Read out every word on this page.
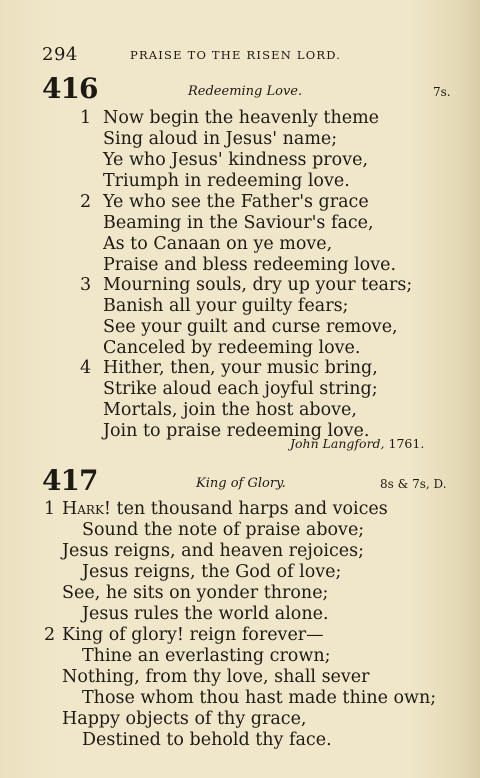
294	PRAISE TO THE RISEN LORD.
416	Redeeming Love.	7s.
1 Now begin the heavenly theme
Sing aloud in Jesus' name;
Ye who Jesus' kindness prove,
Triumph in redeeming love.
2 Ye who see the Father's grace
Beaming in the Saviour's face,
As to Canaan on ye move,
Praise and bless redeeming love.
3 Mourning souls, dry up your tears;
Banish all your guilty fears;
See your guilt and curse remove,
Canceled by redeeming love.
4 Hither, then, your music bring,
Strike aloud each joyful string;
Mortals, join the host above,
Join to praise redeeming love.
John Langford, 1761.
417	King of Glory.	8s & 7s, D.
1 Hark! ten thousand harps and voices
Sound the note of praise above;
Jesus reigns, and heaven rejoices;
Jesus reigns, the God of love;
See, he sits on yonder throne;
Jesus rules the world alone.
2 King of glory! reign forever—
Thine an everlasting crown;
Nothing, from thy love, shall sever
Those whom thou hast made thine own;
Happy objects of thy grace,
Destined to behold thy face.
